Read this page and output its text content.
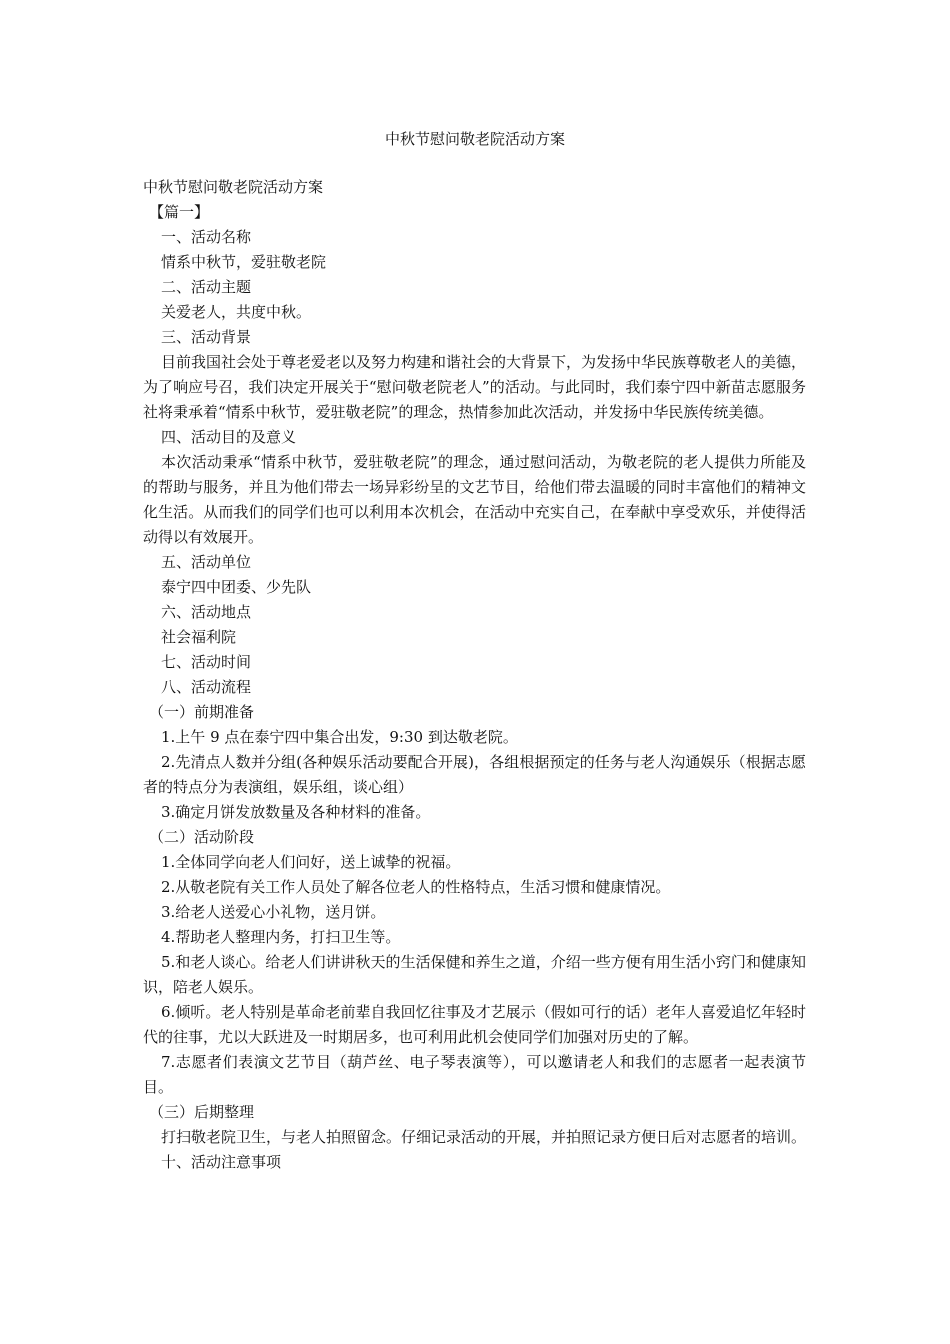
中秋节慰问敬老院活动方案

中秋节慰问敬老院活动方案

【篇一】

一、活动名称

情系中秋节，爱驻敬老院

二、活动主题

关爱老人，共度中秋。

三、活动背景

目前我国社会处于尊老爱老以及努力构建和谐社会的大背景下，为发扬中华民族尊敬老人的美德，为了响应号召，我们决定开展关于“慰问敬老院老人”的活动。与此同时，我们泰宁四中新苗志愿服务社将秉承着“情系中秋节，爱驻敬老院”的理念，热情参加此次活动，并发扬中华民族传统美德。

四、活动目的及意义

本次活动秉承“情系中秋节，爱驻敬老院”的理念，通过慰问活动，为敬老院的老人提供力所能及的帮助与服务，并且为他们带去一场异彩纷呈的文艺节目，给他们带去温暖的同时丰富他们的精神文化生活。从而我们的同学们也可以利用本次机会，在活动中充实自己，在奉献中享受欢乐，并使得活动得以有效展开。

五、活动单位

泰宁四中团委、少先队

六、活动地点

社会福利院

七、活动时间

八、活动流程

（一）前期准备

1.上午 9 点在泰宁四中集合出发，9:30 到达敬老院。

2.先清点人数并分组(各种娱乐活动要配合开展)，各组根据预定的任务与老人沟通娱乐（根据志愿者的特点分为表演组，娱乐组，谈心组）

3.确定月饼发放数量及各种材料的准备。

（二）活动阶段

1.全体同学向老人们问好，送上诚挚的祝福。

2.从敬老院有关工作人员处了解各位老人的性格特点，生活习惯和健康情况。

3.给老人送爱心小礼物，送月饼。

4.帮助老人整理内务，打扫卫生等。

5.和老人谈心。给老人们讲讲秋天的生活保健和养生之道，介绍一些方便有用生活小窍门和健康知识，陪老人娱乐。

6.倾听。老人特别是革命老前辈自我回忆往事及才艺展示（假如可行的话）老年人喜爱追忆年轻时代的往事，尤以大跃进及一时期居多，也可利用此机会使同学们加强对历史的了解。

7.志愿者们表演文艺节目（葫芦丝、电子琴表演等），可以邀请老人和我们的志愿者一起表演节目。

（三）后期整理

打扫敬老院卫生，与老人拍照留念。仔细记录活动的开展，并拍照记录方便日后对志愿者的培训。

十、活动注意事项
